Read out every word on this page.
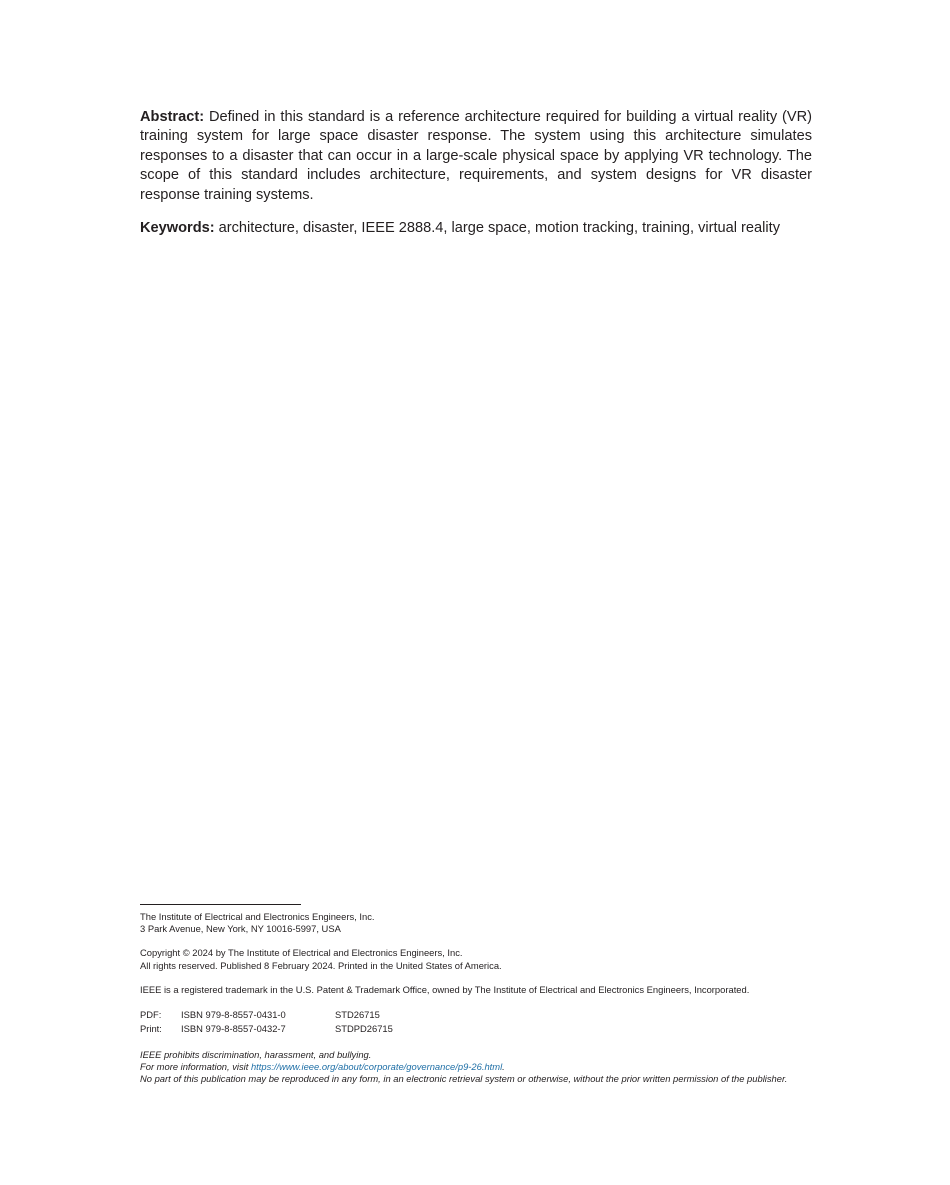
Abstract: Defined in this standard is a reference architecture required for building a virtual reality (VR) training system for large space disaster response. The system using this architecture simulates responses to a disaster that can occur in a large-scale physical space by applying VR technology. The scope of this standard includes architecture, requirements, and system designs for VR disaster response training systems.

Keywords: architecture, disaster, IEEE 2888.4, large space, motion tracking, training, virtual reality

The Institute of Electrical and Electronics Engineers, Inc.

3 Park Avenue, New York, NY 10016-5997, USA

Copyright © 2024 by The Institute of Electrical and Electronics Engineers, Inc.

All rights reserved. Published 8 February 2024. Printed in the United States of America.

IEEE is a registered trademark in the U.S. Patent & Trademark Office, owned by The Institute of Electrical and Electronics Engineers, Incorporated.

PDF:	ISBN 979-8-8557-0431-0	STD26715
Print:	ISBN 979-8-8557-0432-7	STDPD26715

IEEE prohibits discrimination, harassment, and bullying.

For more information, visit https://www.ieee.org/about/corporate/governance/p9-26.html.

No part of this publication may be reproduced in any form, in an electronic retrieval system or otherwise, without the prior written permission of the publisher.
